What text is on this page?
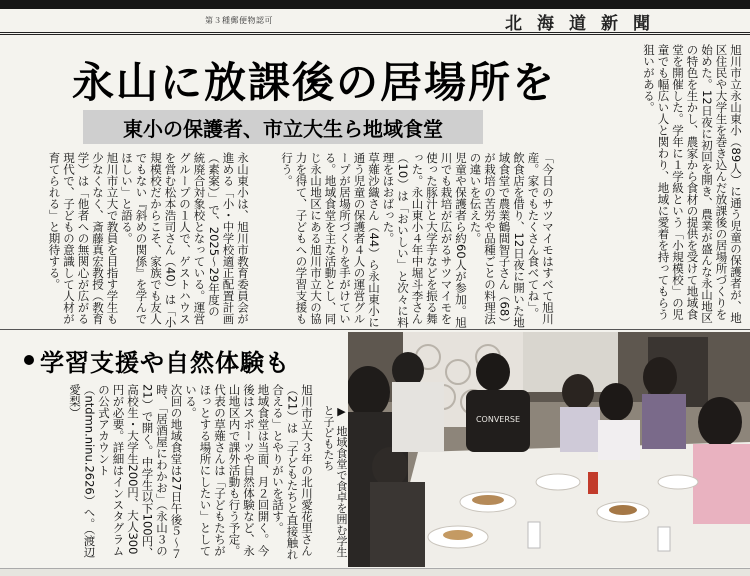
第３種郵便物認可	北海道新聞
永山に放課後の居場所を
東小の保護者、市立大生ら地域食堂	旭川市立永山東小（89人）に通う児童の保護者が、地区住民や大学生を巻き込んだ放課後の居場所づくりを始めた。12日夜に初回を開き、農業が盛んな永山地区の特色を生かし、農家から食材の提供を受けて地域食堂を開催した。学年に１学級という「小規模校」の児童でも幅広い人と関わり、地域に愛着を持ってもらう狙いがある。

「今日のサツマイモはすべて旭川産。家でもたくさん食べてね」。飲食店を借り、12日夜に開いた地域食堂で農業鶴間智子さん（68）が栽培の苦労や品種ごとの料理法の違いを伝えた。

児童や保護者ら約60人が参加。旭川でも栽培が広がるサツマイモを使った豚汁と大学芋などを振る舞った。永山東小４年中堀斗李さん（10）は「おいしい」と次々に料理をほおばった。

草薙沙織さん（44）ら永山東小に通う児童の保護者４人の運営グループが居場所づくりを手がけている。地域食堂を主な活動とし、同じ永山地区にある旭川市立大の協力を得て、子どもへの学習支援も行う。

永山東小は、旭川市教育委員会が進める「小・中学校適正配置計画（素案）」で、2025〜29年度の統廃合対象校となっている。運営グループの１人で、ゲストハウスを営む松本浩司さん（40）は「小規模校だからこそ、家族でも友人でもない『斜めの関係』を学んでほしい」と語る。

旭川市立大で教員を目指す学生も少なくなく、斎藤真宏教授（教育学）は「他者への無関心が広がる現代で、子どもの意識して人材が育てられる」と期待する。

学習支援や自然体験も

旭川市立大３年の北川愛花里さん（21）は「子どもたちと直接触れ合える」とやりがいを話す。

地域食堂は当面、月２回開く。今後はスポーツや自然体験など、永山地区内で課外活動も行う予定。代表の草薙さんは「子どもたちがほっとする場所にしたい」としている。

次回の地域食堂は27日午後５〜７時、「居酒屋にわかお」（永山３の21）で開く。中学生以下100円、高校生・大学生200円、大人300円が必要。詳細はインスタグラムの公式アカウント（ntdmn.ninu.2626）へ。（渡辺愛梨）	▶ 地域食堂で食卓を囲む学生と子どもたち	CONVERSE
